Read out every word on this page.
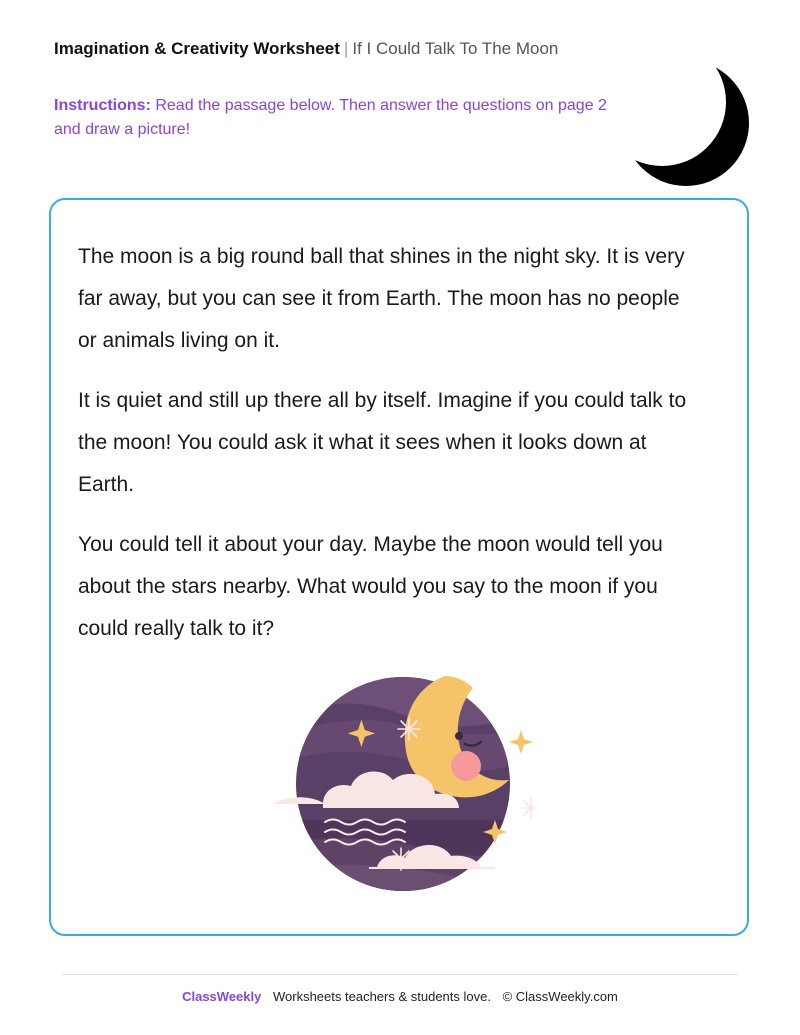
Imagination & Creativity Worksheet | If I Could Talk To The Moon
Instructions: Read the passage below. Then answer the questions on page 2 and draw a picture!

The moon is a big round ball that shines in the night sky. It is very far away, but you can see it from Earth. The moon has no people or animals living on it.

It is quiet and still up there all by itself. Imagine if you could talk to the moon! You could ask it what it sees when it looks down at Earth.

You could tell it about your day. Maybe the moon would tell you about the stars nearby. What would you say to the moon if you could really talk to it?

ClassWeekly Worksheets teachers & students love. © ClassWeekly.com
